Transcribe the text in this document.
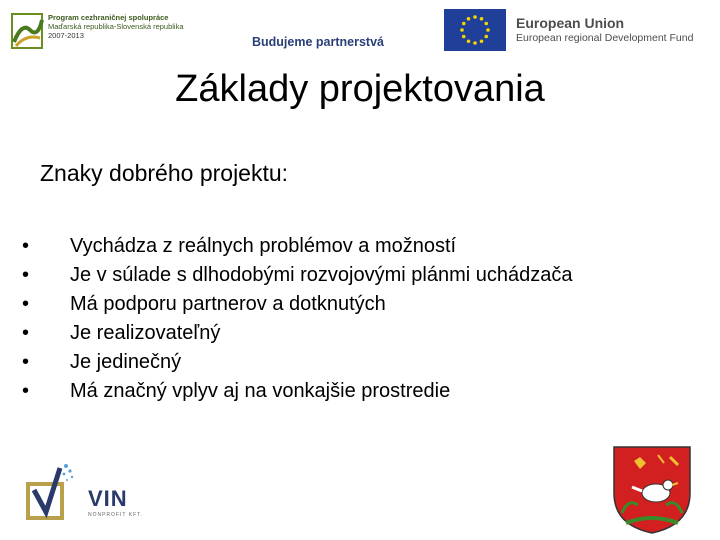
Program cezhraničnej spolupráce
Maďarská republika-Slovenská republika
2007-2013	Budujeme partnerstvá
European Union
European regional Development Fund
Základy projektovania
Znaky dobrého projektu:
• Vychádza z reálnych problémov a možností
• Je v súlade s dlhodobými rozvojovými plánmi uchádzača
• Má podporu partnerov a dotknutých
• Je realizovateľný
• Je jedinečný
• Má značný vplyv aj na vonkajšie prostredie
VIN
NONPROFIT KFT.
